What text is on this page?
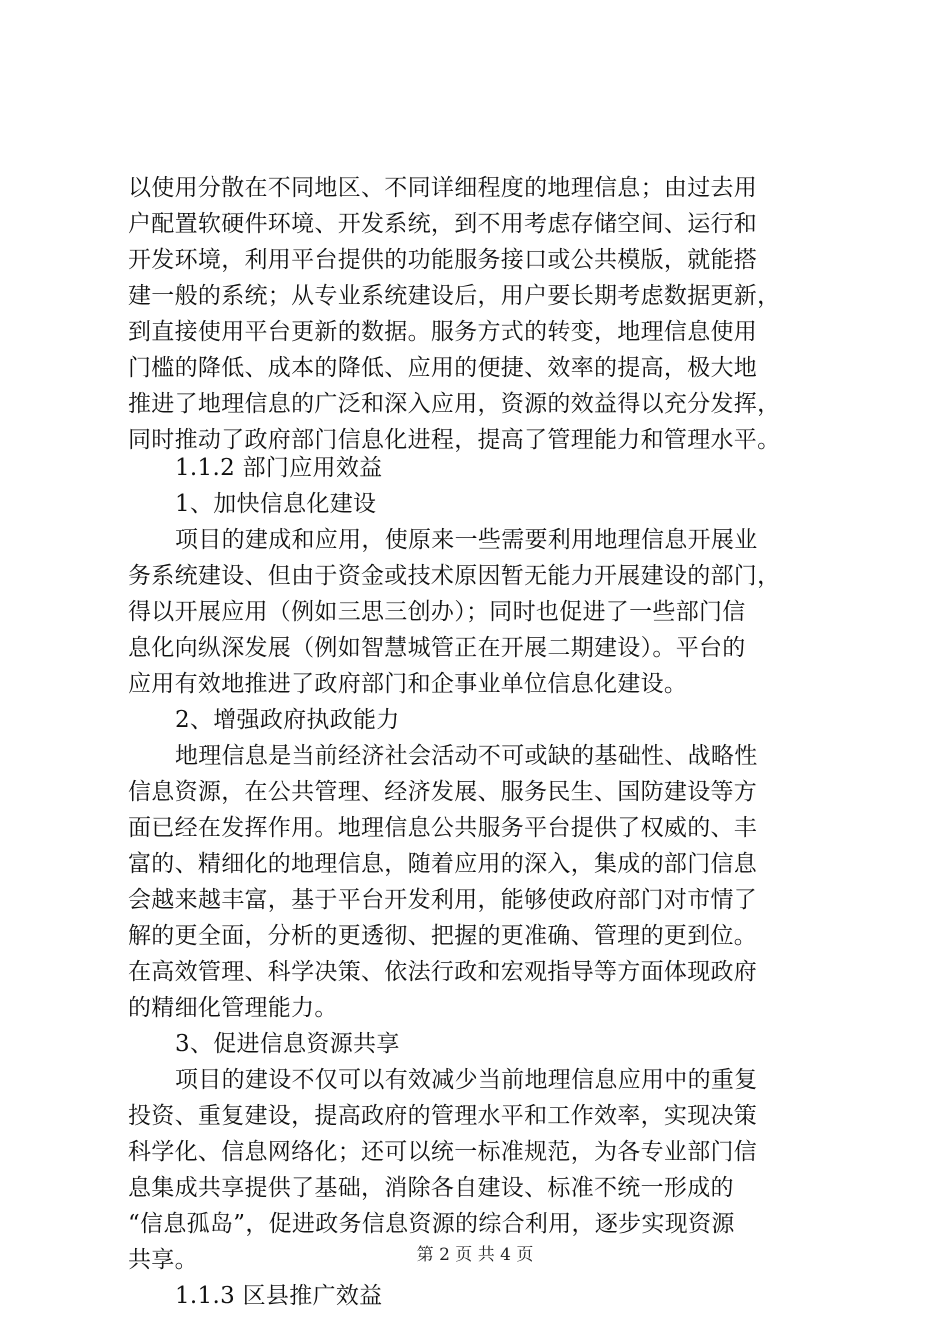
以使用分散在不同地区、不同详细程度的地理信息；由过去用
户配置软硬件环境、开发系统，到不用考虑存储空间、运行和
开发环境，利用平台提供的功能服务接口或公共模版，就能搭
建一般的系统；从专业系统建设后，用户要长期考虑数据更新，
到直接使用平台更新的数据。服务方式的转变，地理信息使用
门槛的降低、成本的降低、应用的便捷、效率的提高，极大地
推进了地理信息的广泛和深入应用，资源的效益得以充分发挥，
同时推动了政府部门信息化进程，提高了管理能力和管理水平。
1.1.2 部门应用效益
1、加快信息化建设
项目的建成和应用，使原来一些需要利用地理信息开展业
务系统建设、但由于资金或技术原因暂无能力开展建设的部门，
得以开展应用（例如三思三创办）；同时也促进了一些部门信
息化向纵深发展（例如智慧城管正在开展二期建设）。平台的
应用有效地推进了政府部门和企事业单位信息化建设。
2、增强政府执政能力
地理信息是当前经济社会活动不可或缺的基础性、战略性
信息资源，在公共管理、经济发展、服务民生、国防建设等方
面已经在发挥作用。地理信息公共服务平台提供了权威的、丰
富的、精细化的地理信息，随着应用的深入，集成的部门信息
会越来越丰富，基于平台开发利用，能够使政府部门对市情了
解的更全面，分析的更透彻、把握的更准确、管理的更到位。
在高效管理、科学决策、依法行政和宏观指导等方面体现政府
的精细化管理能力。
3、促进信息资源共享
项目的建设不仅可以有效减少当前地理信息应用中的重复
投资、重复建设，提高政府的管理水平和工作效率，实现决策
科学化、信息网络化；还可以统一标准规范，为各专业部门信
息集成共享提供了基础，消除各自建设、标准不统一形成的
“信息孤岛”，促进政务信息资源的综合利用，逐步实现资源
共享。
1.1.3 区县推广效益
第 2 页 共 4 页
